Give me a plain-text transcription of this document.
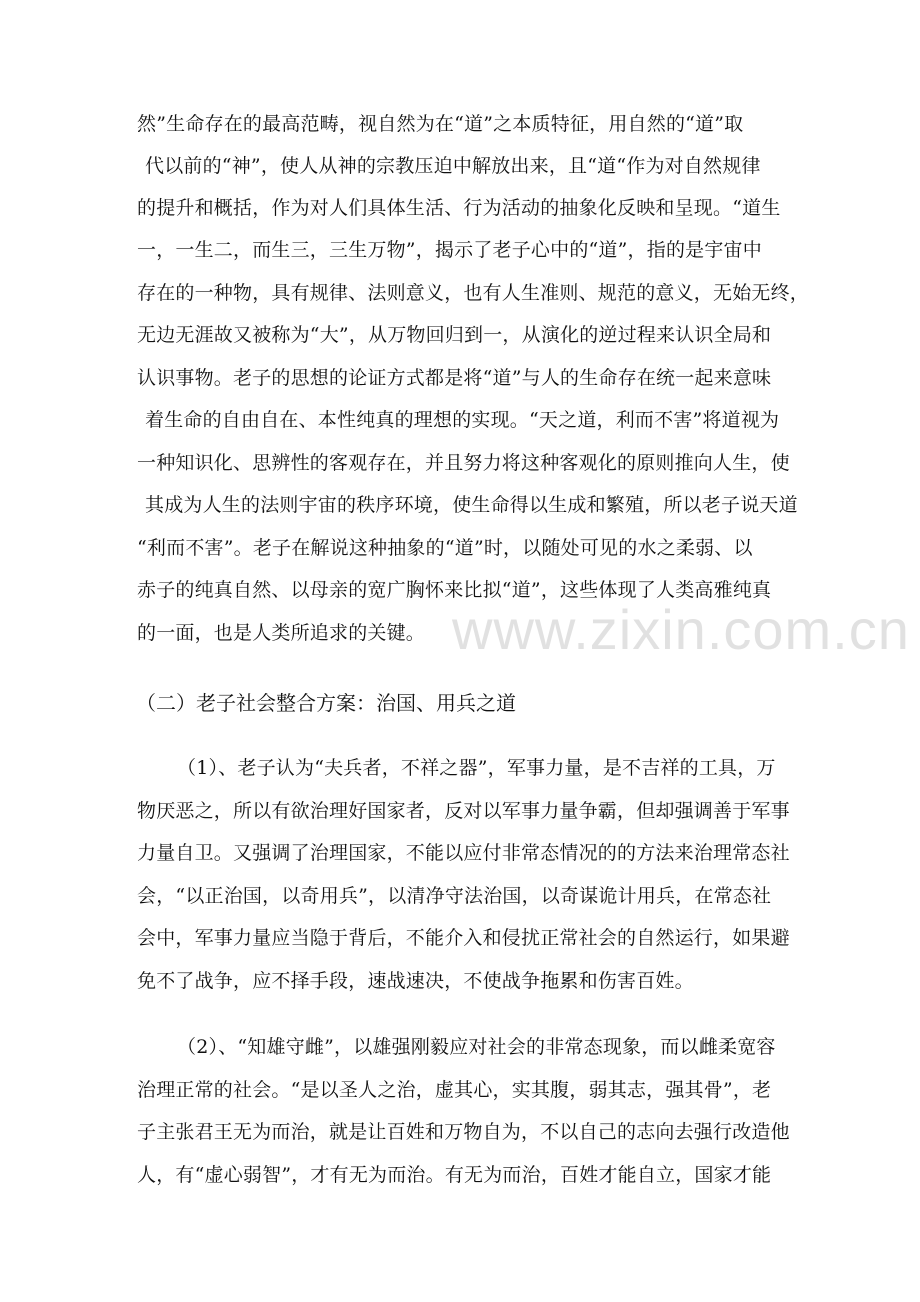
www.zixin.com.cn
然”生命存在的最高范畴，视自然为在“道”之本质特征，用自然的“道”取
代以前的“神”，使人从神的宗教压迫中解放出来，且“道“作为对自然规律
的提升和概括，作为对人们具体生活、行为活动的抽象化反映和呈现。“道生
一，一生二，而生三，三生万物”，揭示了老子心中的“道”，指的是宇宙中
存在的一种物，具有规律、法则意义，也有人生准则、规范的意义，无始无终，
无边无涯故又被称为“大”，从万物回归到一，从演化的逆过程来认识全局和
认识事物。老子的思想的论证方式都是将“道”与人的生命存在统一起来意味
着生命的自由自在、本性纯真的理想的实现。“天之道，利而不害”将道视为
一种知识化、思辨性的客观存在，并且努力将这种客观化的原则推向人生，使
其成为人生的法则宇宙的秩序环境，使生命得以生成和繁殖，所以老子说天道
“利而不害”。老子在解说这种抽象的“道”时，以随处可见的水之柔弱、以
赤子的纯真自然、以母亲的宽广胸怀来比拟“道”，这些体现了人类高雅纯真
的一面，也是人类所追求的关键。
（二）老子社会整合方案：治国、用兵之道
（1）、老子认为“夫兵者，不祥之器”，军事力量，是不吉祥的工具，万
物厌恶之，所以有欲治理好国家者，反对以军事力量争霸，但却强调善于军事
力量自卫。又强调了治理国家，不能以应付非常态情况的的方法来治理常态社
会，“以正治国，以奇用兵”，以清净守法治国，以奇谋诡计用兵，在常态社
会中，军事力量应当隐于背后，不能介入和侵扰正常社会的自然运行，如果避
免不了战争，应不择手段，速战速决，不使战争拖累和伤害百姓。
（2）、“知雄守雌”，以雄强刚毅应对社会的非常态现象，而以雌柔宽容
治理正常的社会。“是以圣人之治，虚其心，实其腹，弱其志，强其骨”，老
子主张君王无为而治，就是让百姓和万物自为，不以自己的志向去强行改造他
人，有“虚心弱智”，才有无为而治。有无为而治，百姓才能自立，国家才能
